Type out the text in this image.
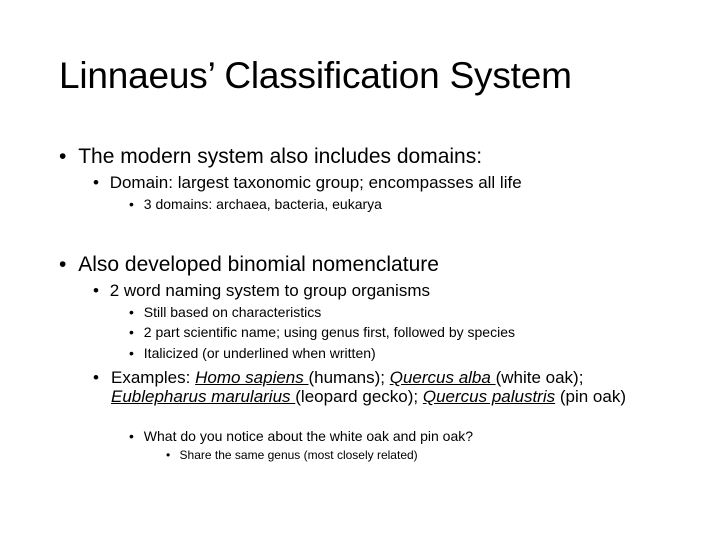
Linnaeus’ Classification System
• The modern system also includes domains:
• Domain: largest taxonomic group; encompasses all life
• 3 domains: archaea, bacteria, eukarya
• Also developed binomial nomenclature
• 2 word naming system to group organisms
• Still based on characteristics
• 2 part scientific name; using genus first, followed by species
• Italicized (or underlined when written)
• Examples: Homo sapiens (humans); Quercus alba (white oak); Eublepharus marularius (leopard gecko); Quercus palustris (pin oak)
• What do you notice about the white oak and pin oak?
• Share the same genus (most closely related)
